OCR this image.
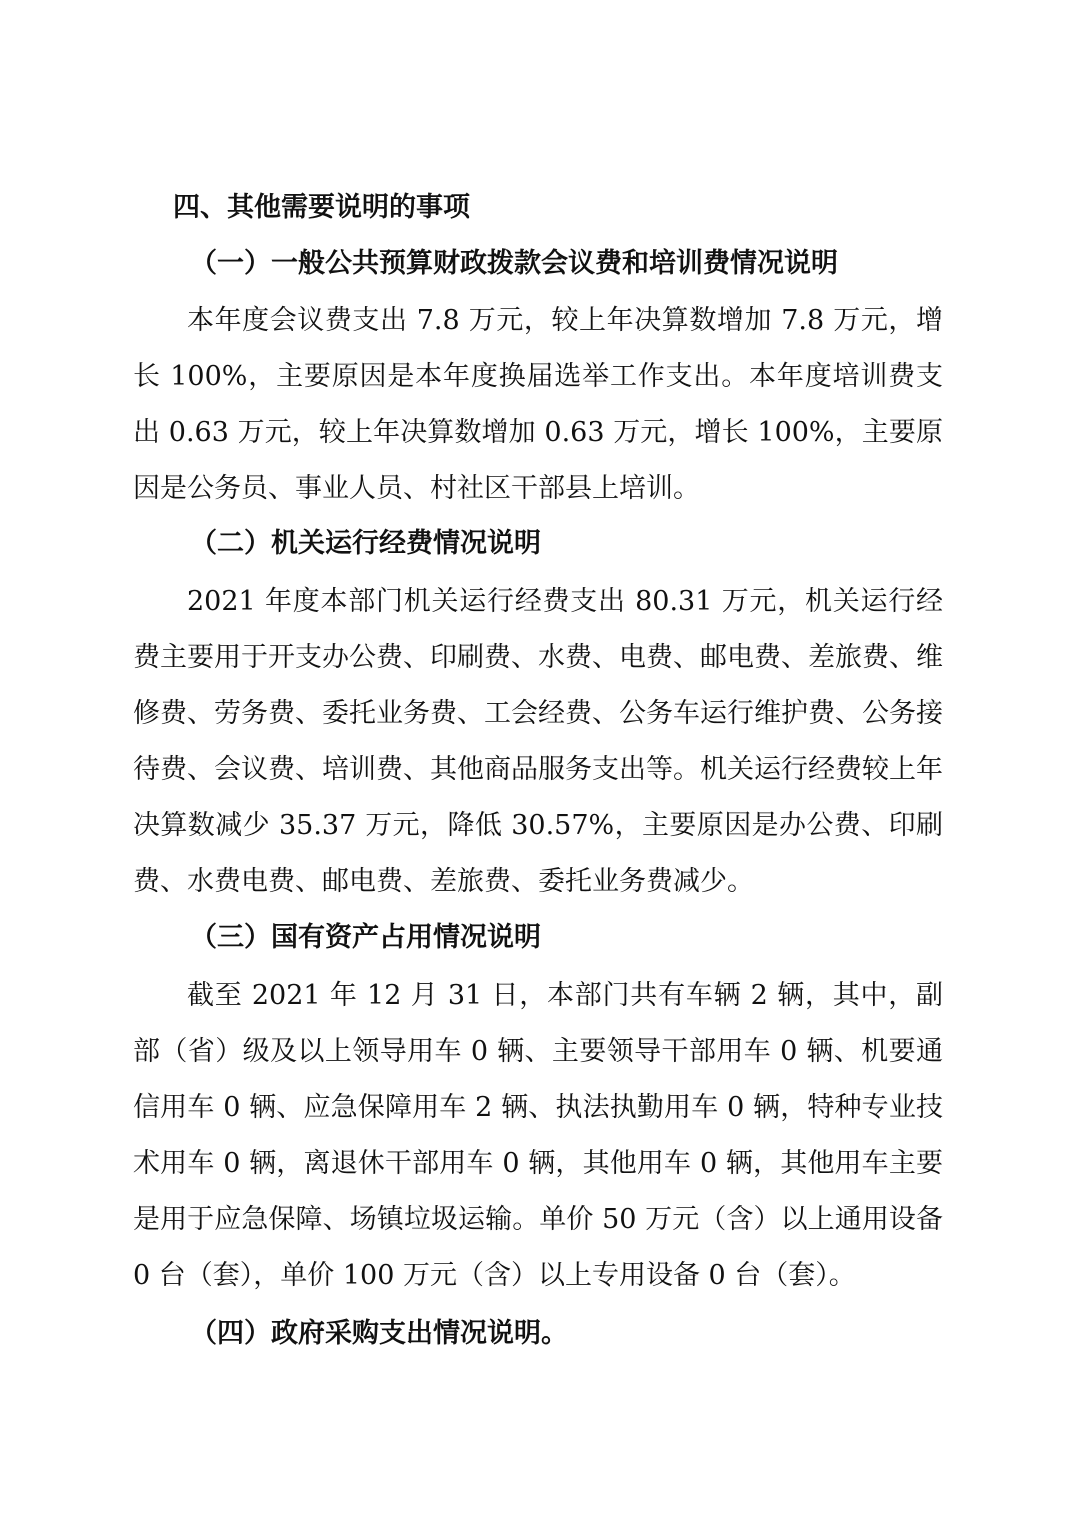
四、其他需要说明的事项
（一）一般公共预算财政拨款会议费和培训费情况说明

本年度会议费支出 7.8 万元，较上年决算数增加 7.8 万元，增长 100%，主要原因是本年度换届选举工作支出。本年度培训费支出 0.63 万元，较上年决算数增加 0.63 万元，增长 100%，主要原因是公务员、事业人员、村社区干部县上培训。

（二）机关运行经费情况说明

2021 年度本部门机关运行经费支出 80.31 万元，机关运行经费主要用于开支办公费、印刷费、水费、电费、邮电费、差旅费、维修费、劳务费、委托业务费、工会经费、公务车运行维护费、公务接待费、会议费、培训费、其他商品服务支出等。机关运行经费较上年决算数减少 35.37 万元，降低 30.57%，主要原因是办公费、印刷费、水费电费、邮电费、差旅费、委托业务费减少。

（三）国有资产占用情况说明

截至 2021 年 12 月 31 日，本部门共有车辆 2 辆，其中，副部（省）级及以上领导用车 0 辆、主要领导干部用车 0 辆、机要通信用车 0 辆、应急保障用车 2 辆、执法执勤用车 0 辆，特种专业技术用车 0 辆，离退休干部用车 0 辆，其他用车 0 辆，其他用车主要是用于应急保障、场镇垃圾运输。单价 50 万元（含）以上通用设备 0 台（套），单价 100 万元（含）以上专用设备 0 台（套）。

（四）政府采购支出情况说明。
